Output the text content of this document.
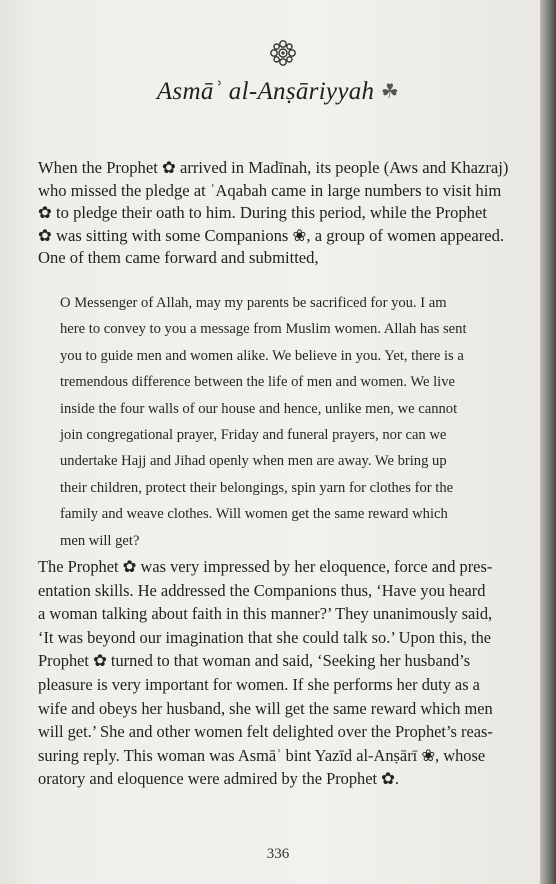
Asmāʾ al-Anṣāriyyah ☘
When the Prophet ✿ arrived in Madīnah, its people (Aws and Khazraj)
who missed the pledge at ʿAqabah came in large numbers to visit him
✿ to pledge their oath to him. During this period, while the Prophet
✿ was sitting with some Companions ❀, a group of women appeared.
One of them came forward and submitted,
O Messenger of Allah, may my parents be sacrificed for you. I am
here to convey to you a message from Muslim women. Allah has sent
you to guide men and women alike. We believe in you. Yet, there is a
tremendous difference between the life of men and women. We live
inside the four walls of our house and hence, unlike men, we cannot
join congregational prayer, Friday and funeral prayers, nor can we
undertake Hajj and Jihad openly when men are away. We bring up
their children, protect their belongings, spin yarn for clothes for the
family and weave clothes. Will women get the same reward which
men will get?
The Prophet ✿ was very impressed by her eloquence, force and pres-
entation skills. He addressed the Companions thus, ‘Have you heard
a woman talking about faith in this manner?’ They unanimously said,
‘It was beyond our imagination that she could talk so.’ Upon this, the
Prophet ✿ turned to that woman and said, ‘Seeking her husband’s
pleasure is very important for women. If she performs her duty as a
wife and obeys her husband, she will get the same reward which men
will get.’ She and other women felt delighted over the Prophet’s reas-
suring reply. This woman was Asmāʾ bint Yazīd al-Anṣārī ❀, whose
oratory and eloquence were admired by the Prophet ✿.
336
